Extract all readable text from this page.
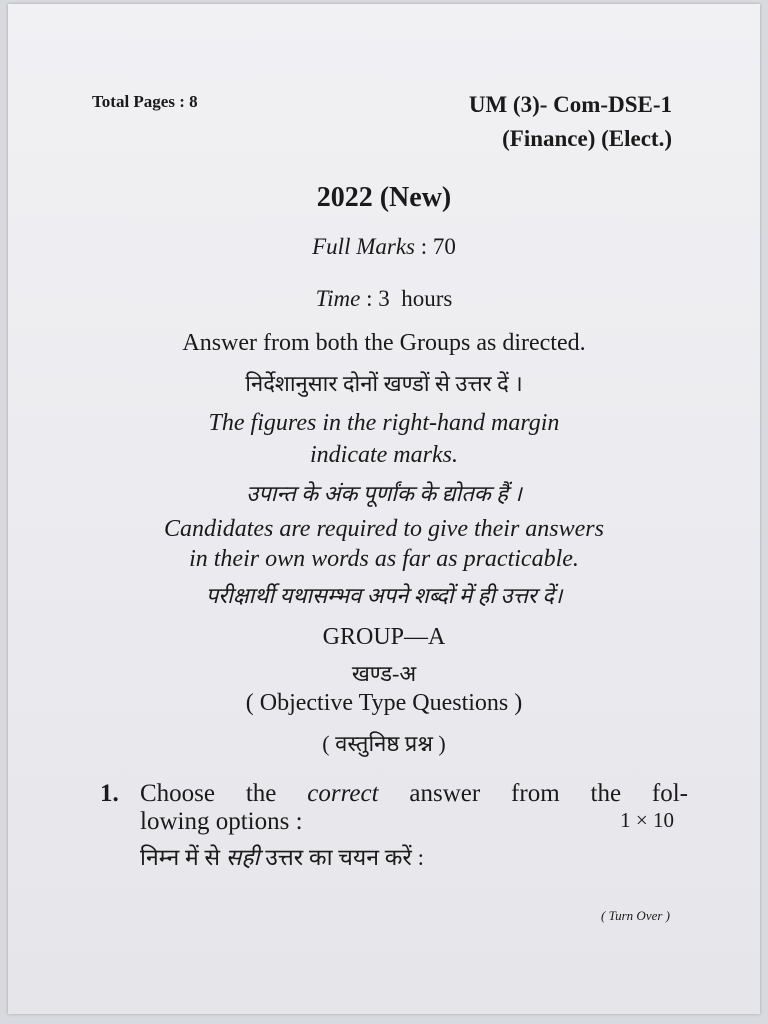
Total Pages : 8	UM (3)- Com-DSE-1
(Finance) (Elect.)
2022 (New)
Full Marks : 70
Time : 3  hours
Answer from both the Groups as directed.
निर्देशानुसार दोनों खण्डों से उत्तर दें ।
The figures in the right-hand margin
indicate marks.
उपान्त के अंक पूर्णांक के द्योतक हैं ।
Candidates are required to give their answers
in their own words as far as practicable.
परीक्षार्थी यथासम्भव अपने शब्दों में ही उत्तर दें।
GROUP—A
खण्ड-अ
( Objective Type Questions )
( वस्तुनिष्ठ प्रश्न )
1. Choose the correct answer from the fol-
lowing options :	1 × 10
निम्न में से सही उत्तर का चयन करें :
( Turn Over )
